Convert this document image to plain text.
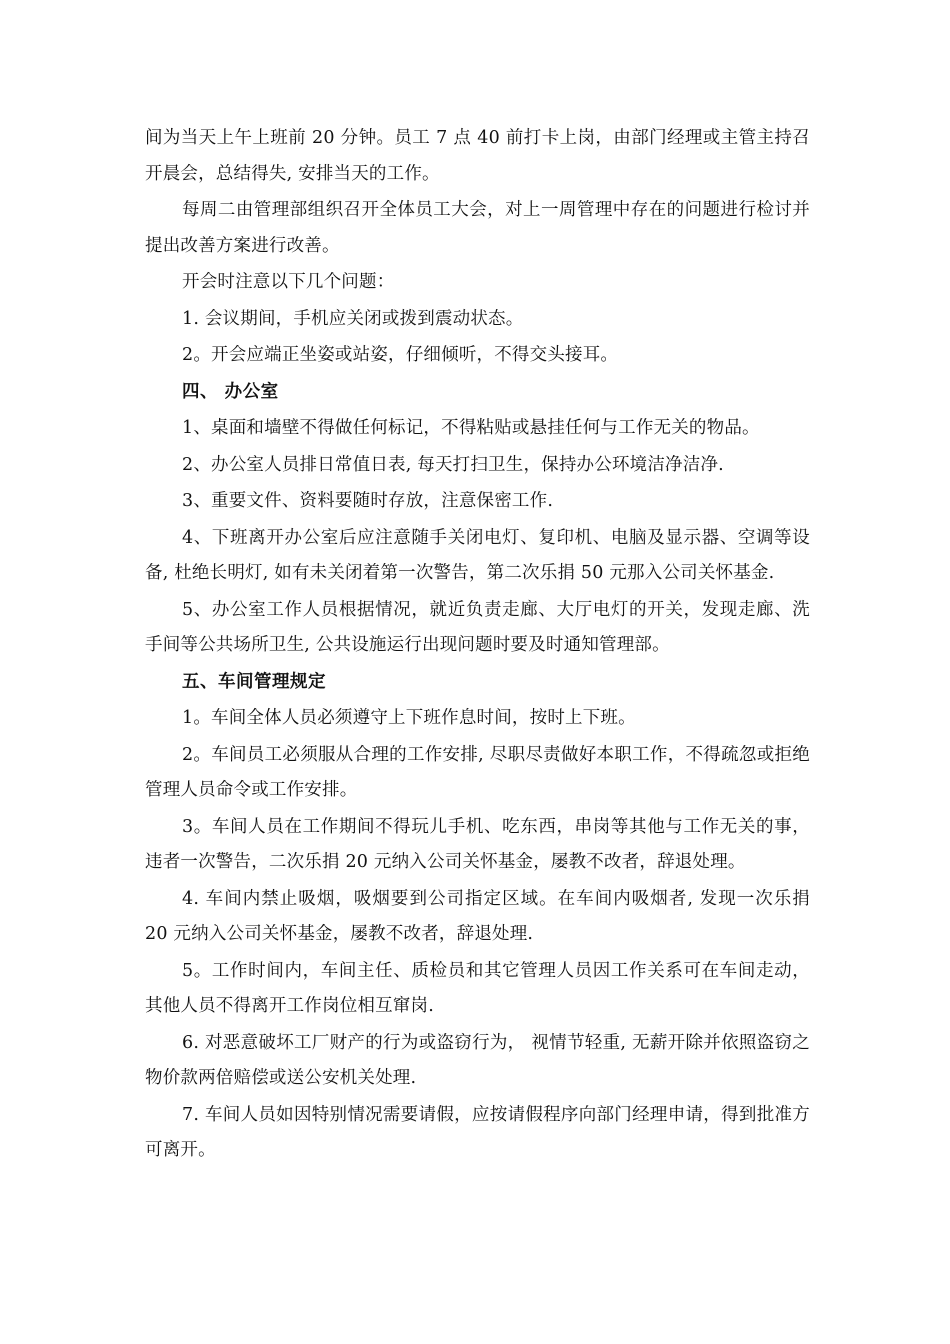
间为当天上午上班前 20 分钟。员工 7 点 40 前打卡上岗，由部门经理或主管主持召开晨会，总结得失, 安排当天的工作。

每周二由管理部组织召开全体员工大会，对上一周管理中存在的问题进行检讨并提出改善方案进行改善。

开会时注意以下几个问题：

1. 会议期间，手机应关闭或拨到震动状态。

2。开会应端正坐姿或站姿，仔细倾听，不得交头接耳。

四、 办公室

1、桌面和墙壁不得做任何标记，不得粘贴或悬挂任何与工作无关的物品。

2、办公室人员排日常值日表, 每天打扫卫生，保持办公环境洁净洁净.

3、重要文件、资料要随时存放，注意保密工作.

4、下班离开办公室后应注意随手关闭电灯、复印机、电脑及显示器、空调等设备, 杜绝长明灯, 如有未关闭着第一次警告，第二次乐捐 50 元那入公司关怀基金.

5、办公室工作人员根据情况，就近负责走廊、大厅电灯的开关，发现走廊、洗手间等公共场所卫生, 公共设施运行出现问题时要及时通知管理部。

五、车间管理规定

1。车间全体人员必须遵守上下班作息时间，按时上下班。

2。车间员工必须服从合理的工作安排, 尽职尽责做好本职工作，不得疏忽或拒绝管理人员命令或工作安排。

3。车间人员在工作期间不得玩儿手机、吃东西，串岗等其他与工作无关的事，违者一次警告，二次乐捐 20 元纳入公司关怀基金，屡教不改者，辞退处理。

4. 车间内禁止吸烟，吸烟要到公司指定区域。在车间内吸烟者, 发现一次乐捐 20 元纳入公司关怀基金，屡教不改者，辞退处理.

5。工作时间内，车间主任、质检员和其它管理人员因工作关系可在车间走动，其他人员不得离开工作岗位相互窜岗.

6. 对恶意破坏工厂财产的行为或盗窃行为， 视情节轻重, 无薪开除并依照盗窃之物价款两倍赔偿或送公安机关处理.

7. 车间人员如因特别情况需要请假，应按请假程序向部门经理申请，得到批准方可离开。
